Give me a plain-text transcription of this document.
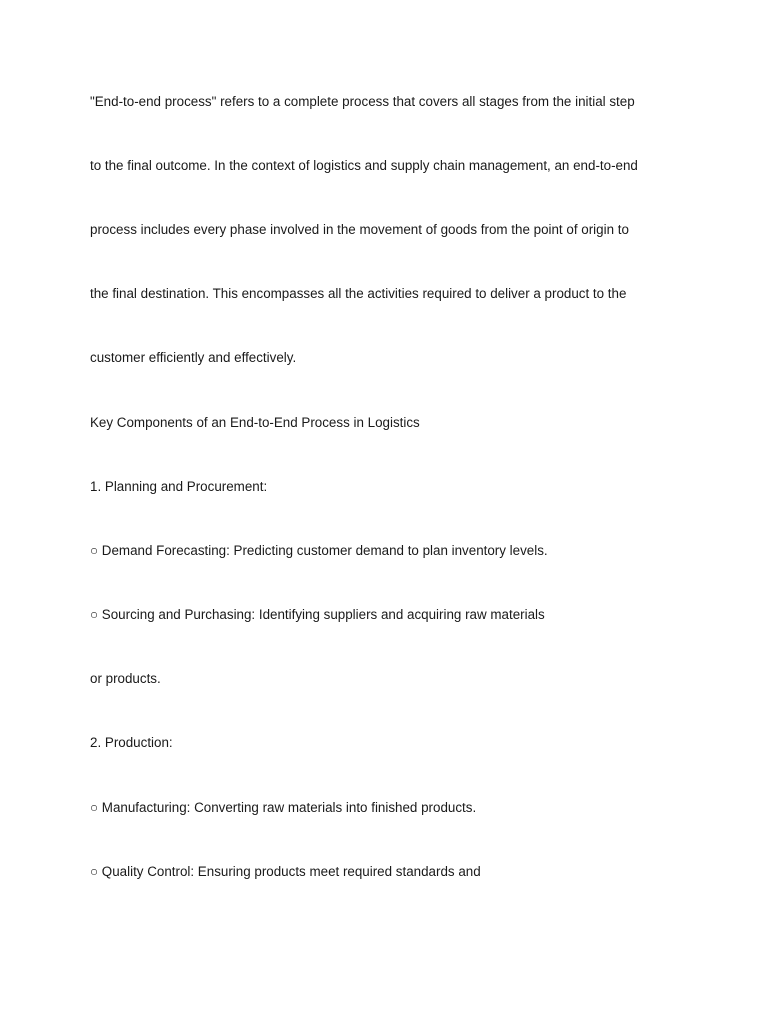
"End-to-end process" refers to a complete process that covers all stages from the initial step
to the final outcome. In the context of logistics and supply chain management, an end-to-end
process includes every phase involved in the movement of goods from the point of origin to
the final destination. This encompasses all the activities required to deliver a product to the
customer efficiently and effectively.
Key Components of an End-to-End Process in Logistics
1. Planning and Procurement:
○ Demand Forecasting: Predicting customer demand to plan inventory levels.
○ Sourcing and Purchasing: Identifying suppliers and acquiring raw materials
or products.
2. Production:
○ Manufacturing: Converting raw materials into finished products.
○ Quality Control: Ensuring products meet required standards and
